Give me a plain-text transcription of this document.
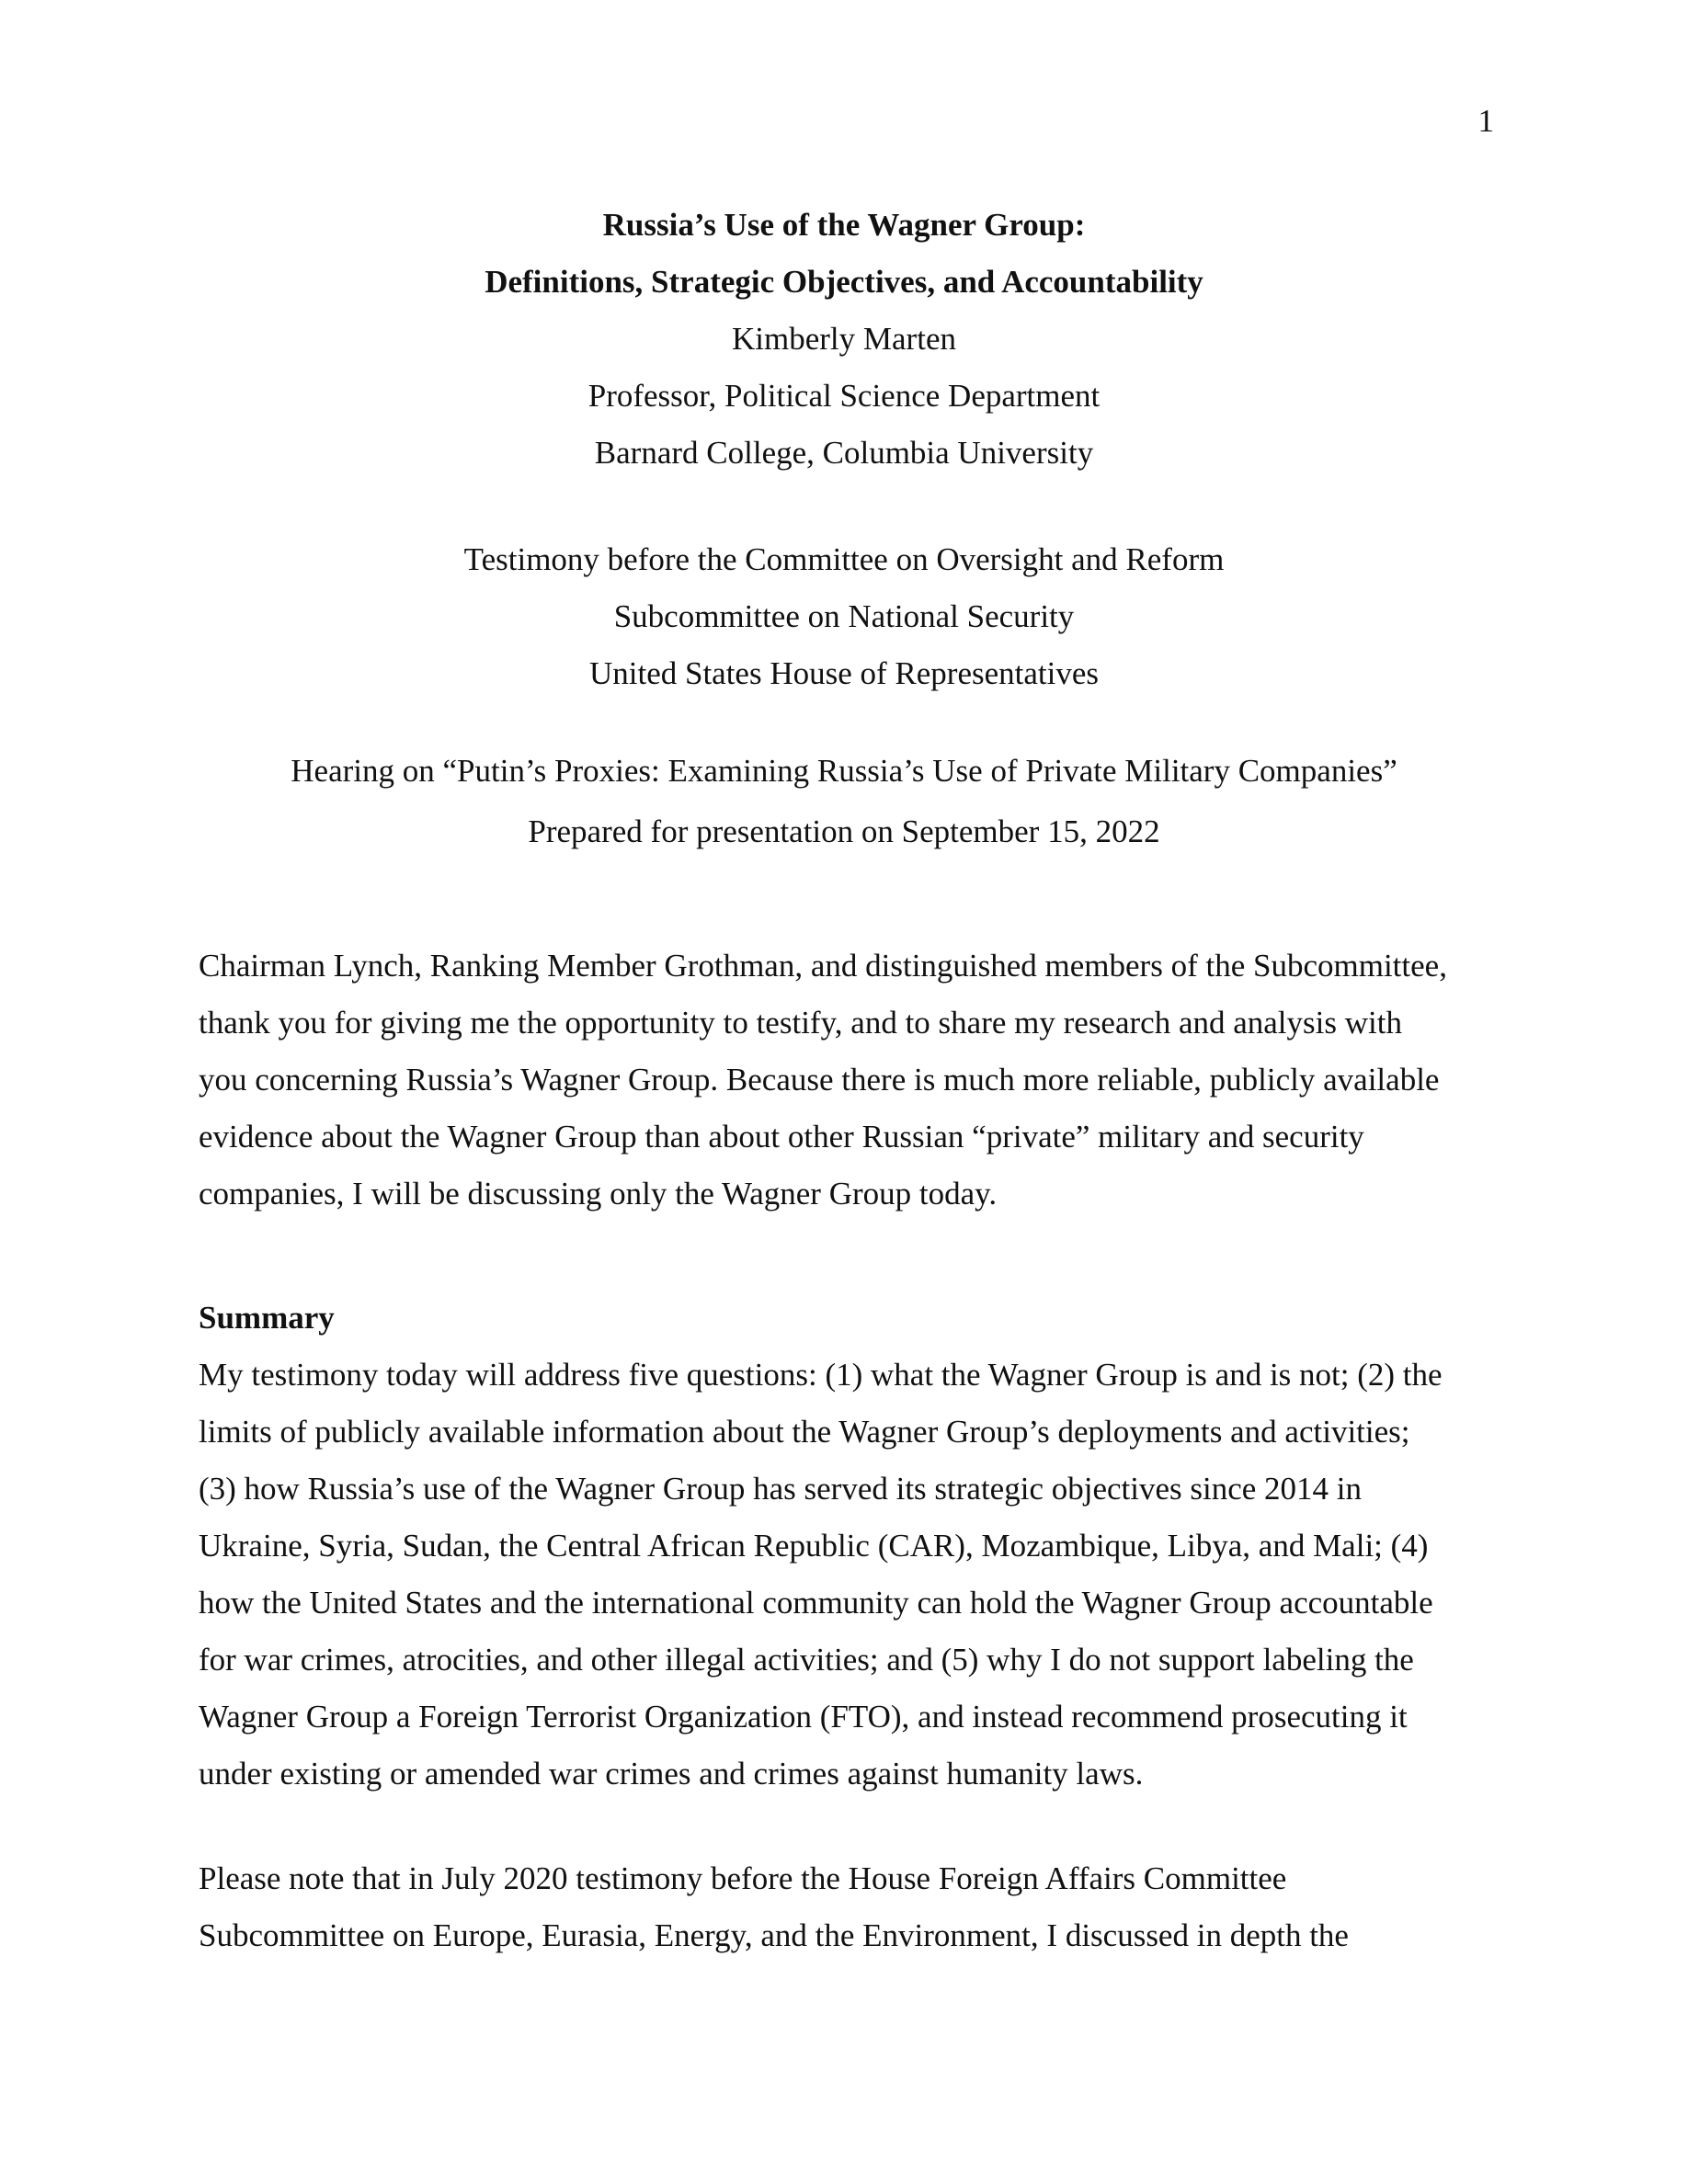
1
Russia’s Use of the Wagner Group:
Definitions, Strategic Objectives, and Accountability
Kimberly Marten
Professor, Political Science Department
Barnard College, Columbia University
Testimony before the Committee on Oversight and Reform
Subcommittee on National Security
United States House of Representatives
Hearing on “Putin’s Proxies: Examining Russia’s Use of Private Military Companies”
Prepared for presentation on September 15, 2022
Chairman Lynch, Ranking Member Grothman, and distinguished members of the Subcommittee,
thank you for giving me the opportunity to testify, and to share my research and analysis with
you concerning Russia’s Wagner Group. Because there is much more reliable, publicly available
evidence about the Wagner Group than about other Russian “private” military and security
companies, I will be discussing only the Wagner Group today.
Summary
My testimony today will address five questions: (1) what the Wagner Group is and is not; (2) the
limits of publicly available information about the Wagner Group’s deployments and activities;
(3) how Russia’s use of the Wagner Group has served its strategic objectives since 2014 in
Ukraine, Syria, Sudan, the Central African Republic (CAR), Mozambique, Libya, and Mali; (4)
how the United States and the international community can hold the Wagner Group accountable
for war crimes, atrocities, and other illegal activities; and (5) why I do not support labeling the
Wagner Group a Foreign Terrorist Organization (FTO), and instead recommend prosecuting it
under existing or amended war crimes and crimes against humanity laws.
Please note that in July 2020 testimony before the House Foreign Affairs Committee
Subcommittee on Europe, Eurasia, Energy, and the Environment, I discussed in depth the
